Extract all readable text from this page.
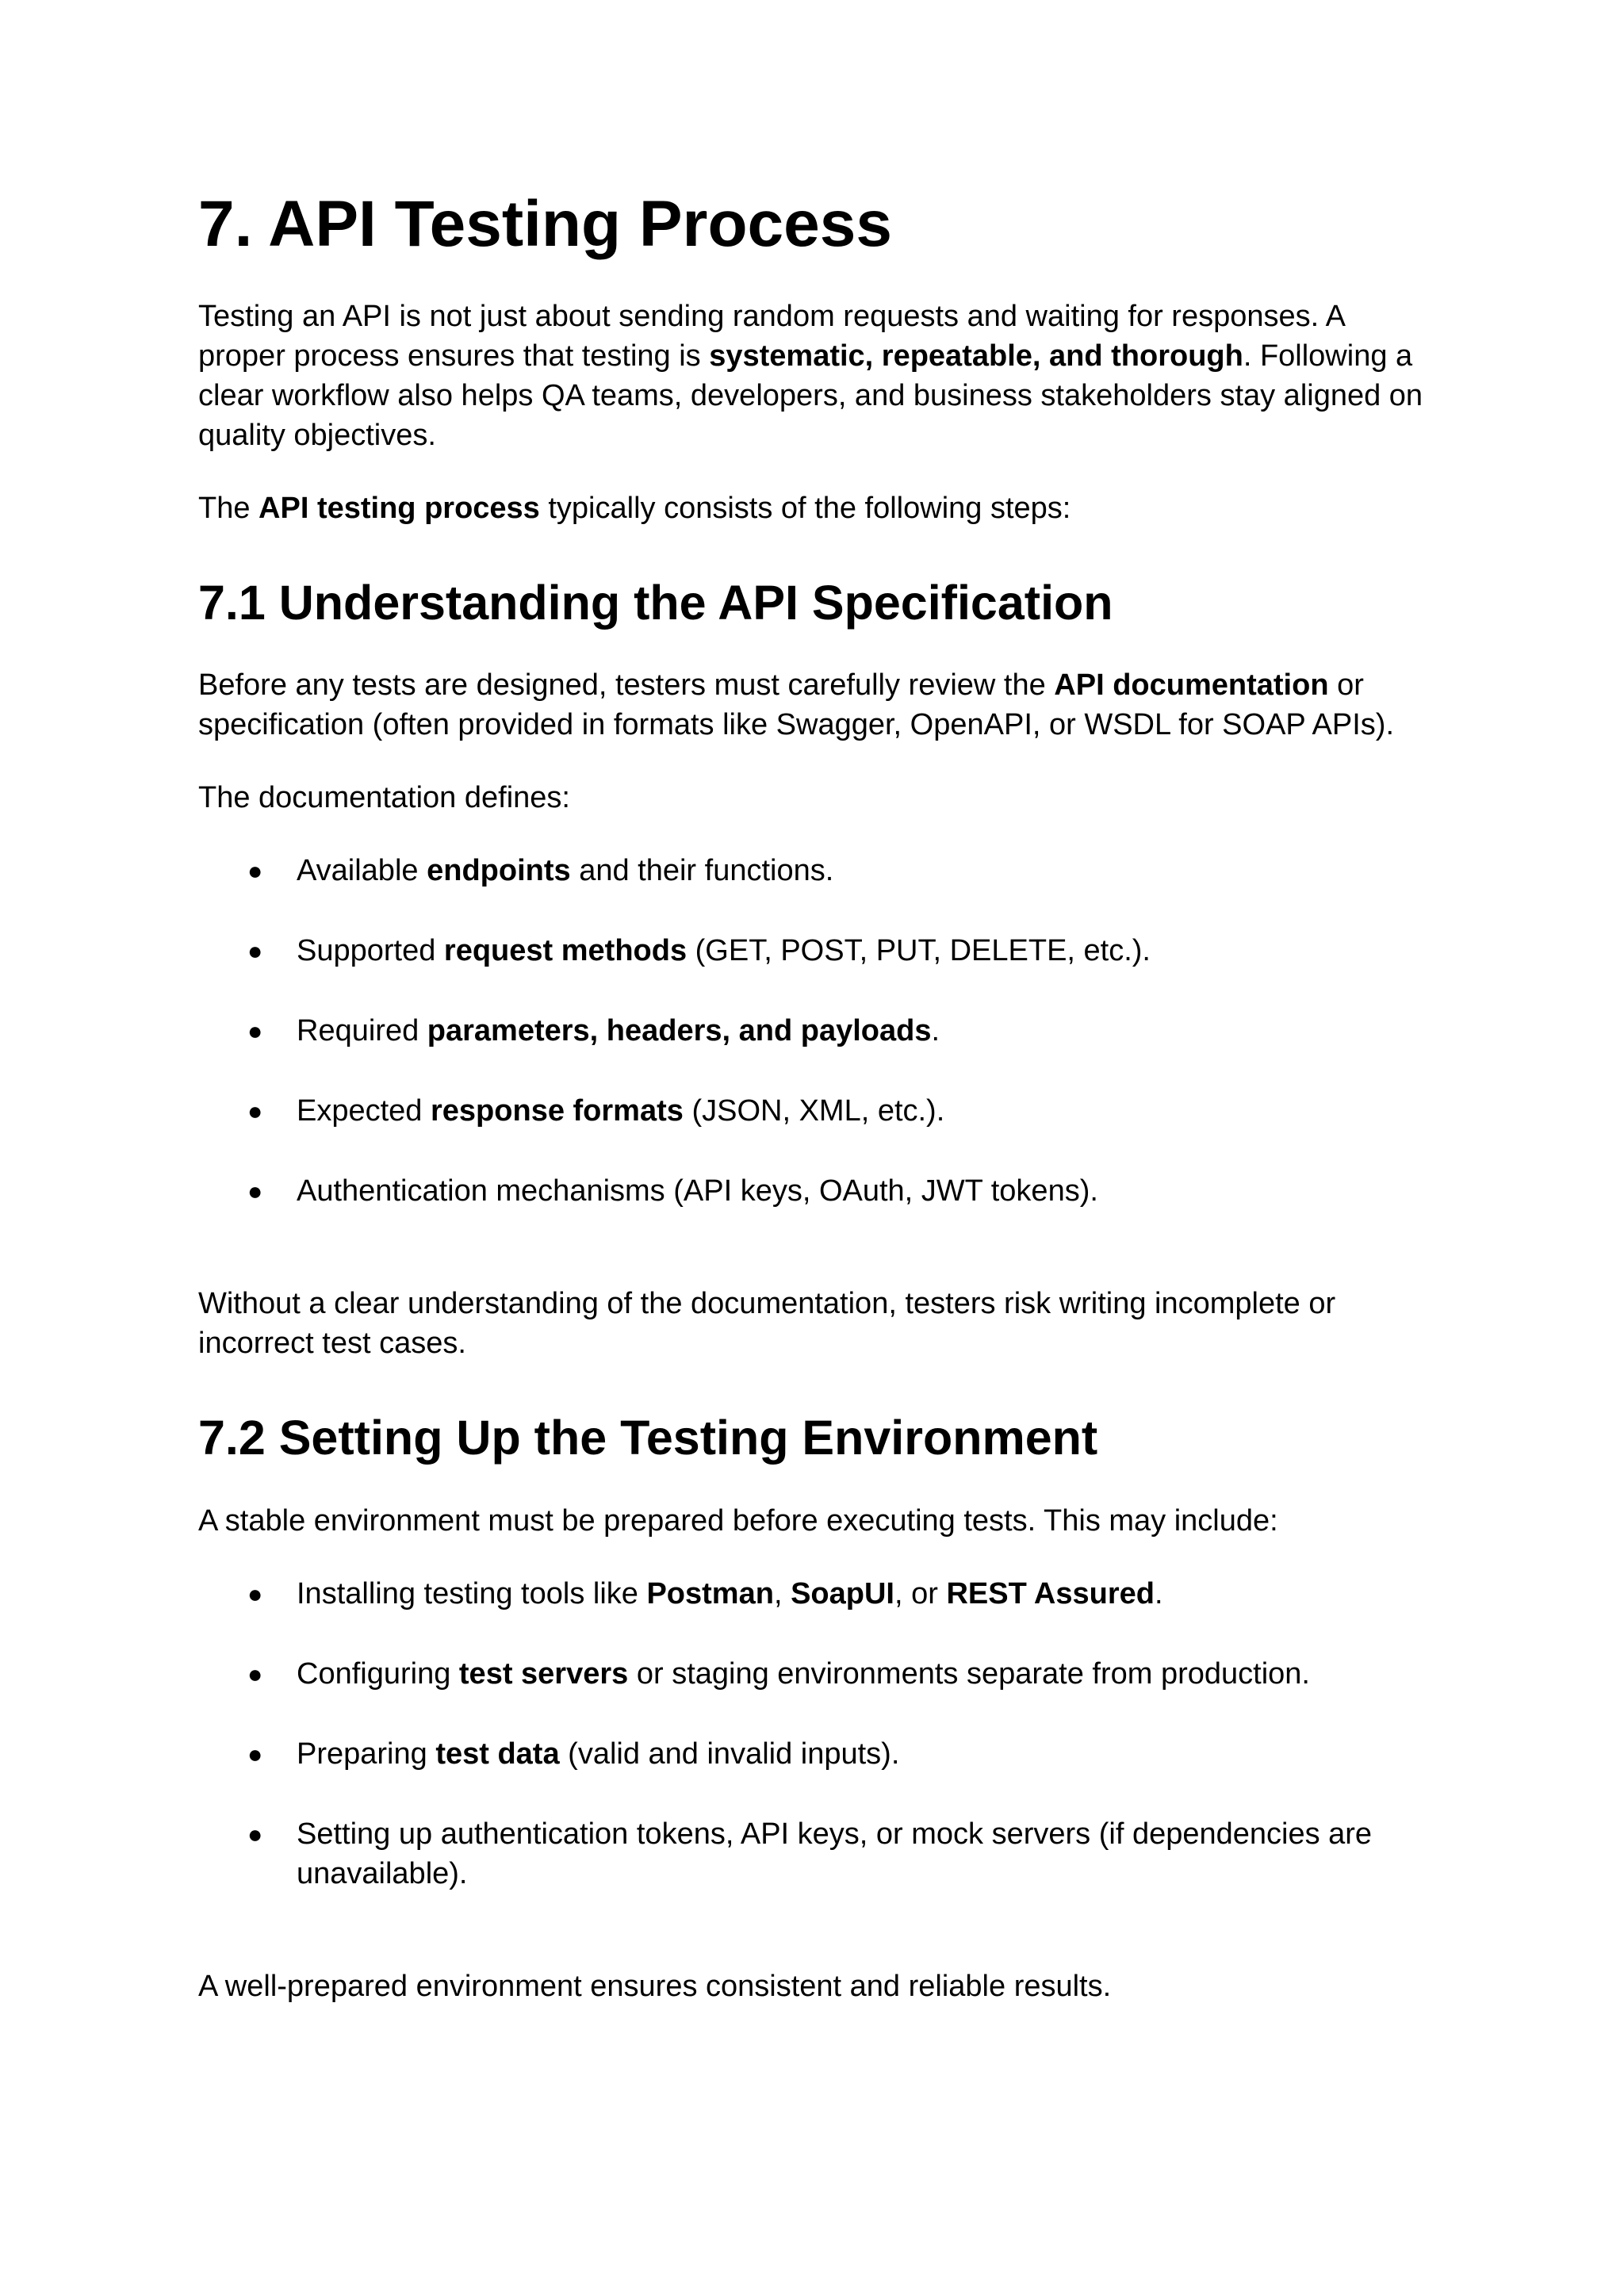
7. API Testing Process

Testing an API is not just about sending random requests and waiting for responses. A proper process ensures that testing is systematic, repeatable, and thorough. Following a clear workflow also helps QA teams, developers, and business stakeholders stay aligned on quality objectives.

The API testing process typically consists of the following steps:

7.1 Understanding the API Specification

Before any tests are designed, testers must carefully review the API documentation or specification (often provided in formats like Swagger, OpenAPI, or WSDL for SOAP APIs).

The documentation defines:

● Available endpoints and their functions.
● Supported request methods (GET, POST, PUT, DELETE, etc.).
● Required parameters, headers, and payloads.
● Expected response formats (JSON, XML, etc.).
● Authentication mechanisms (API keys, OAuth, JWT tokens).

Without a clear understanding of the documentation, testers risk writing incomplete or incorrect test cases.

7.2 Setting Up the Testing Environment

A stable environment must be prepared before executing tests. This may include:

● Installing testing tools like Postman, SoapUI, or REST Assured.
● Configuring test servers or staging environments separate from production.
● Preparing test data (valid and invalid inputs).
● Setting up authentication tokens, API keys, or mock servers (if dependencies are unavailable).

A well-prepared environment ensures consistent and reliable results.
